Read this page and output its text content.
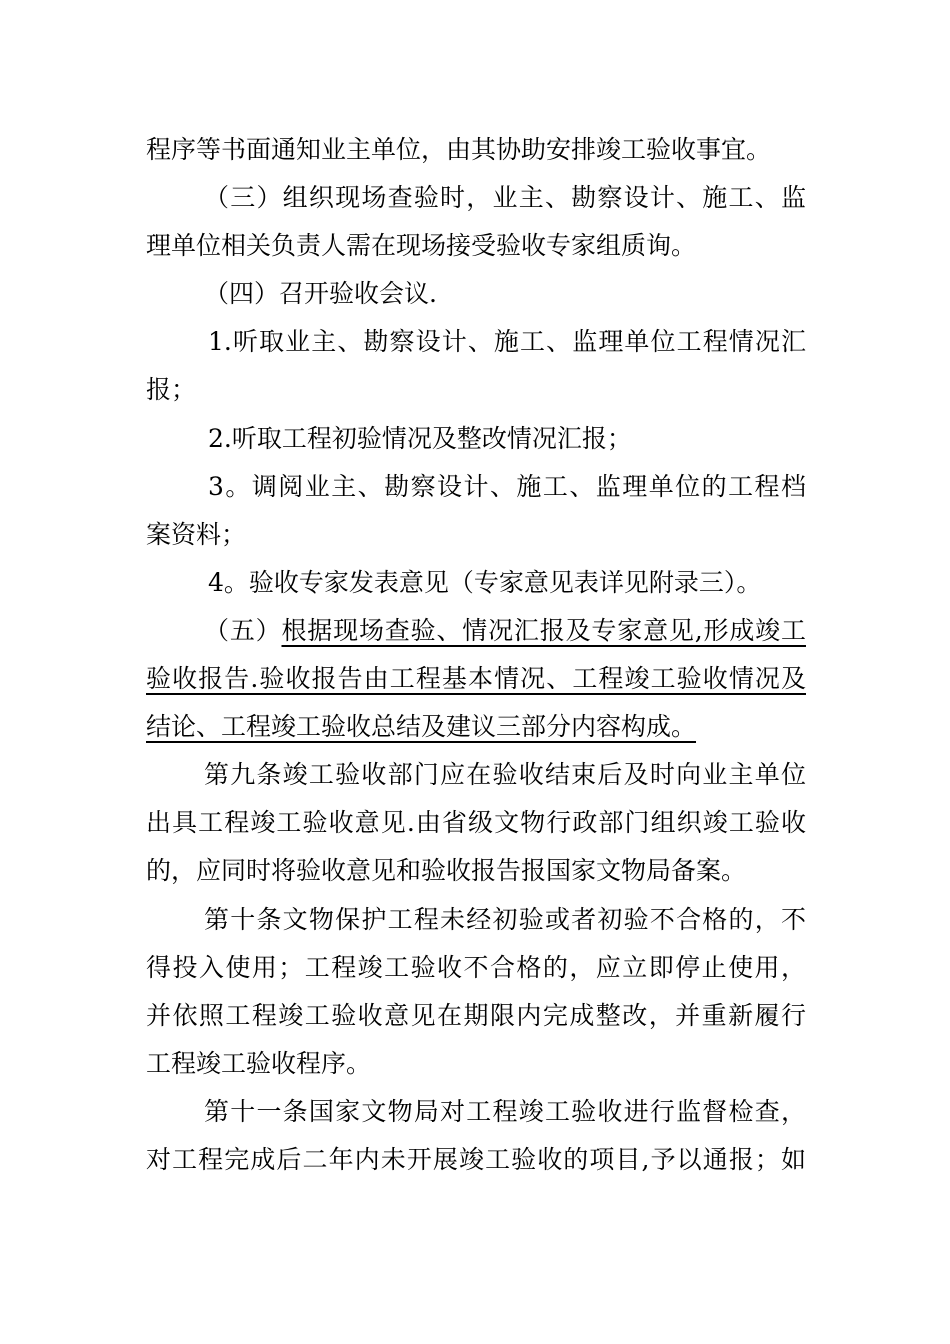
程序等书面通知业主单位，由其协助安排竣工验收事宜。
（三）组织现场查验时，业主、勘察设计、施工、监
理单位相关负责人需在现场接受验收专家组质询。
（四）召开验收会议.
1.听取业主、勘察设计、施工、监理单位工程情况汇
报；
2.听取工程初验情况及整改情况汇报；
3。调阅业主、勘察设计、施工、监理单位的工程档
案资料；
4。验收专家发表意见（专家意见表详见附录三）。
（五）根据现场查验、情况汇报及专家意见,形成竣工
验收报告.验收报告由工程基本情况、工程竣工验收情况及
结论、工程竣工验收总结及建议三部分内容构成。
第九条竣工验收部门应在验收结束后及时向业主单位
出具工程竣工验收意见.由省级文物行政部门组织竣工验收
的，应同时将验收意见和验收报告报国家文物局备案。
第十条文物保护工程未经初验或者初验不合格的，不
得投入使用；工程竣工验收不合格的，应立即停止使用，
并依照工程竣工验收意见在期限内完成整改，并重新履行
工程竣工验收程序。
第十一条国家文物局对工程竣工验收进行监督检查，
对工程完成后二年内未开展竣工验收的项目,予以通报；如
